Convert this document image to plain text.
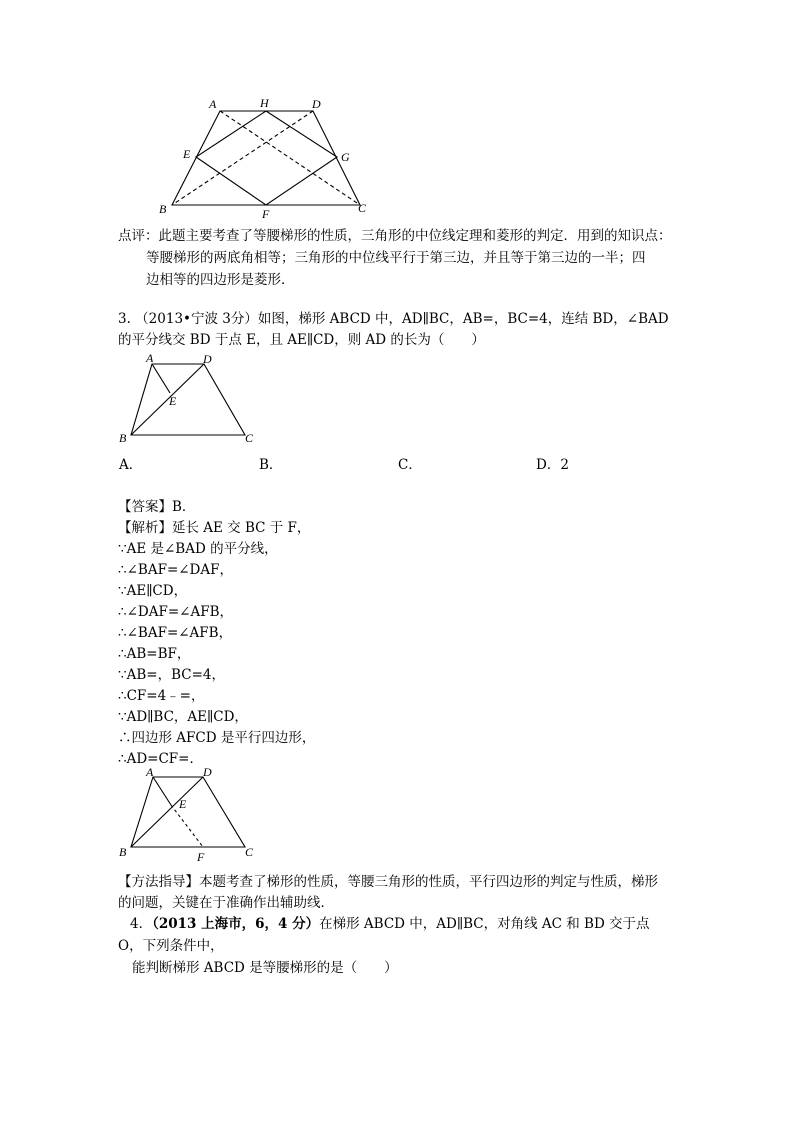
A	H	D
E	G
B	F	C
点评：此题主要考查了等腰梯形的性质，三角形的中位线定理和菱形的判定．用到的知识点：
等腰梯形的两底角相等；三角形的中位线平行于第三边，并且等于第三边的一半；四
边相等的四边形是菱形．
3. （2013•宁波 3分）如图，梯形 ABCD 中，AD∥BC，AB=，BC=4，连结 BD，∠BAD
的平分线交 BD 于点 E，且 AE∥CD，则 AD 的长为（　　）
A	D
E
B	C
A．	B．	C．	D．2
【答案】B．
【解析】延长 AE 交 BC 于 F，
∵AE 是∠BAD 的平分线，
∴∠BAF=∠DAF，
∵AE∥CD，
∴∠DAF=∠AFB，
∴∠BAF=∠AFB，
∴AB=BF，
∵AB=，BC=4，
∴CF=4﹣=，
∵AD∥BC，AE∥CD，
∴四边形 AFCD 是平行四边形，
∴AD=CF=．
A	D
E
B	F	C
【方法指导】本题考查了梯形的性质，等腰三角形的性质，平行四边形的判定与性质，梯形
的问题，关键在于准确作出辅助线．
4．（2013 上海市，6，4 分）在梯形 ABCD 中，AD∥BC，对角线 AC 和 BD 交于点
O，下列条件中，
能判断梯形 ABCD 是等腰梯形的是（　　）
